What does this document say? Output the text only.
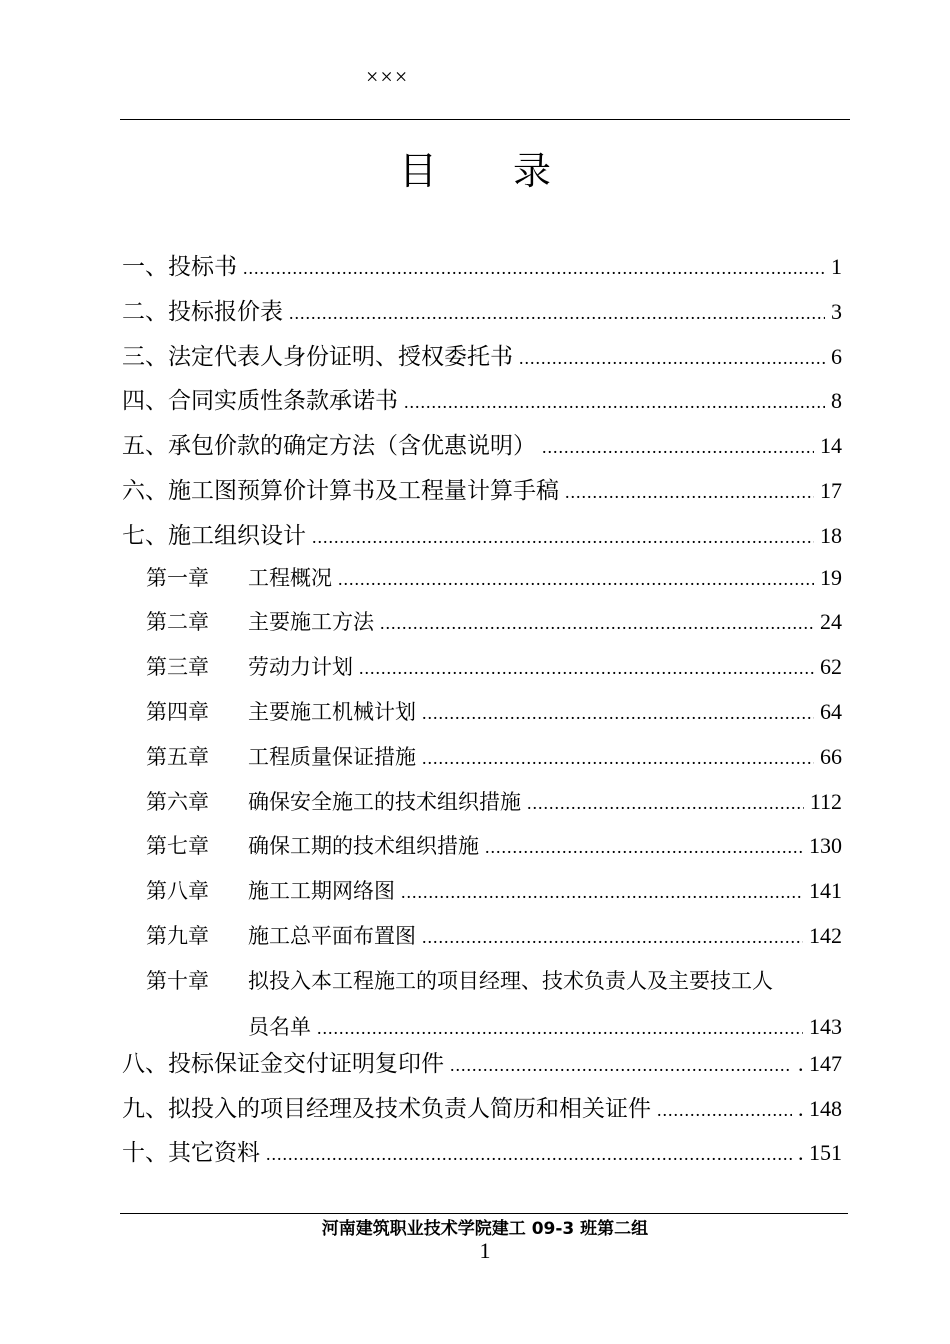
×××
目录
一、 投标书 .....	1
二、 投标报价表 .....	3
三、 法定代表人身份证明、授权委托书 .....	6
四、 合同实质性条款承诺书 .....	8
五、 承包价款的确定方法（含优惠说明） .....	14
六、 施工图预算价计算书及工程量计算手稿 .....	17
七、 施工组织设计 .....	18
第一章	工程概况 .....	19
第二章	主要施工方法 .....	24
第三章	劳动力计划 .....	62
第四章	主要施工机械计划 .....	64
第五章	工程质量保证措施 .....	66
第六章	确保安全施工的技术组织措施 .....	112
第七章	确保工期的技术组织措施 .....	130
第八章	施工工期网络图 .....	141
第九章	施工总平面布置图 .....	142
第十章	拟投入本工程施工的项目经理、技术负责人及主要技工人
员名单 .....	143
八、 投标保证金交付证明复印件 .....	. 147
九、 拟投入的项目经理及技术负责人简历和相关证件 .....	. 148
十、 其它资料 .....	. 151
河南建筑职业技术学院建工 09-3 班第二组
1
